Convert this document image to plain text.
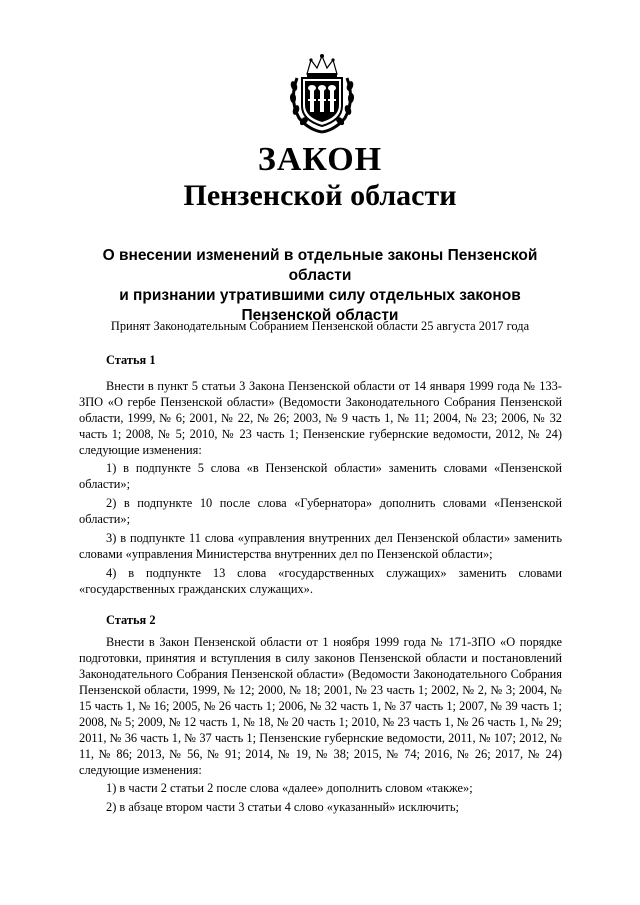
ЗАКОН
Пензенской области
О внесении изменений в отдельные законы Пензенской области
и признании утратившими силу отдельных законов
Пензенской области
Принят Законодательным Собранием Пензенской области 25 августа 2017 года

Статья 1

Внести в пункт 5 статьи 3 Закона Пензенской области от 14 января 1999 года № 133-ЗПО «О гербе Пензенской области» (Ведомости Законодательного Собрания Пензенской области, 1999, № 6; 2001, № 22, № 26; 2003, № 9 часть 1, № 11; 2004, № 23; 2006, № 32 часть 1; 2008, № 5; 2010, № 23 часть 1; Пензенские губернские ведомости, 2012, № 24) следующие изменения:

1) в подпункте 5 слова «в Пензенской области» заменить словами «Пензенской области»;

2) в подпункте 10 после слова «Губернатора» дополнить словами «Пензенской области»;

3) в подпункте 11 слова «управления внутренних дел Пензенской области» заменить словами «управления Министерства внутренних дел по Пензенской области»;

4) в подпункте 13 слова «государственных служащих» заменить словами «государственных гражданских служащих».

Статья 2

Внести в Закон Пензенской области от 1 ноября 1999 года № 171-ЗПО «О порядке подготовки, принятия и вступления в силу законов Пензенской области и постановлений Законодательного Собрания Пензенской области» (Ведомости Законодательного Собрания Пензенской области, 1999, № 12; 2000, № 18; 2001, № 23 часть 1; 2002, № 2, № 3; 2004, № 15 часть 1, № 16; 2005, № 26 часть 1; 2006, № 32 часть 1, № 37 часть 1; 2007, № 39 часть 1; 2008, № 5; 2009, № 12 часть 1, № 18, № 20 часть 1; 2010, № 23 часть 1, № 26 часть 1, № 29; 2011, № 36 часть 1, № 37 часть 1; Пензенские губернские ведомости, 2011, № 107; 2012, № 11, № 86; 2013, № 56, № 91; 2014, № 19, № 38; 2015, № 74; 2016, № 26; 2017, № 24) следующие изменения:

1) в части 2 статьи 2 после слова «далее» дополнить словом «также»;

2) в абзаце втором части 3 статьи 4 слово «указанный» исключить;
